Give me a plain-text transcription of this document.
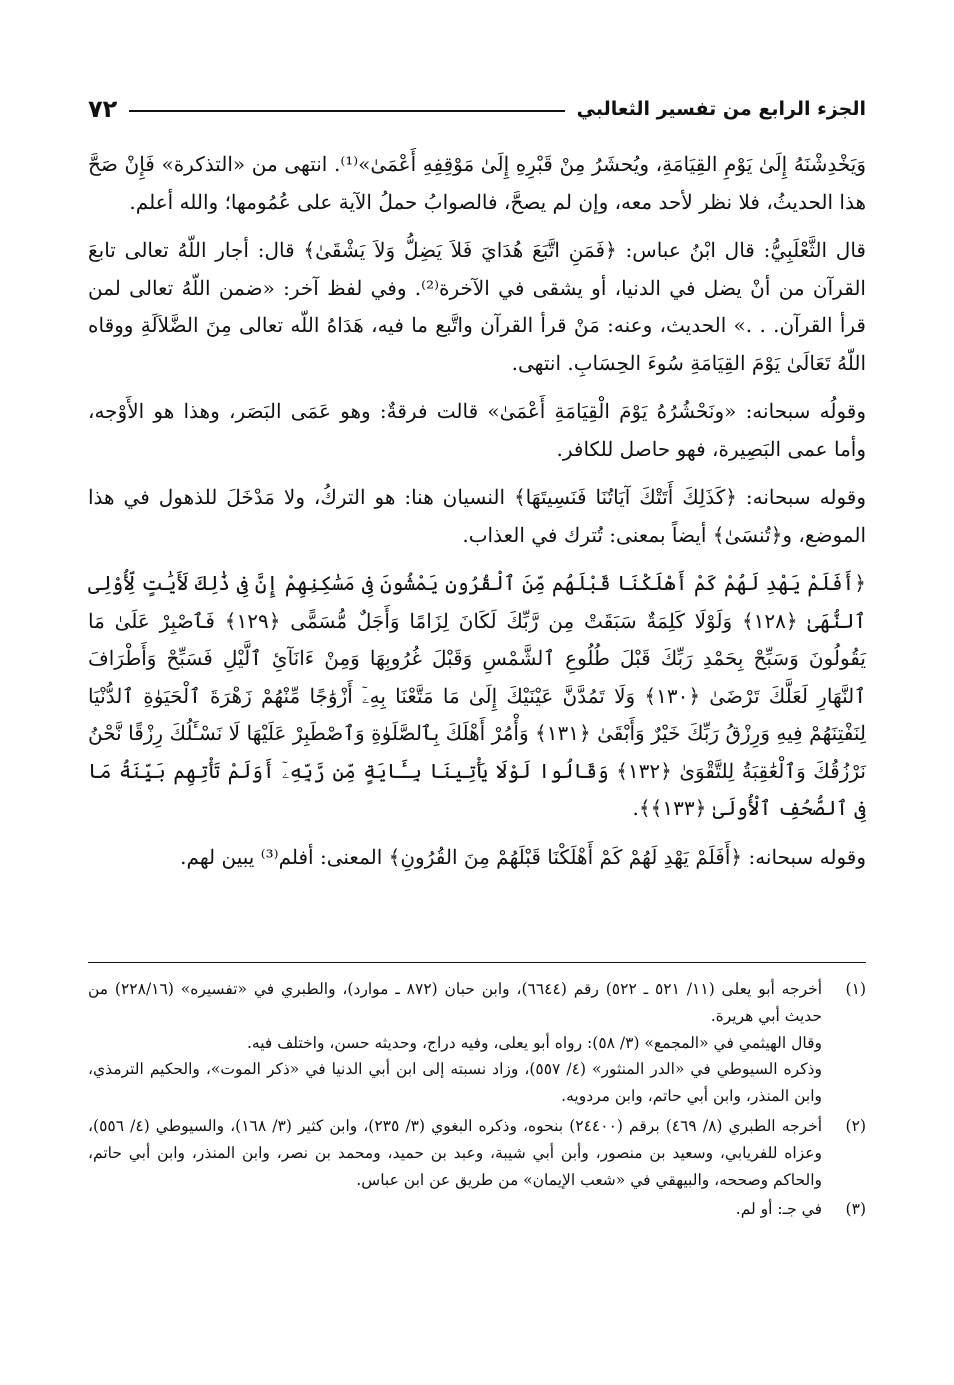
الجزء الرابع من تفسير الثعالبي
٧٢

وَيَخْدِشْنَهُ إِلَىٰ يَوْمِ القِيَامَةِ، ويُحشَرُ مِنْ قَبْرِهِ إِلَىٰ مَوْقِفِهِ أَعْمَىٰ»⁽¹⁾. انتهى من «التذكرة» فَإِنْ صَحَّ هذا الحديثُ، فلا نظر لأحد معه، وإن لم يصحَّ، فالصوابُ حملُ الآية على عُمُومها؛ والله أعلم.

قال الثَّعْلَبِيُّ: قال ابْنُ عباس: ﴿فَمَنِ اتَّبَعَ هُدَايَ فَلاَ يَضِلُّ وَلاَ يَشْقَىٰ﴾ قال: أجار اللّهُ تعالى تابعَ القرآن من أنْ يضل في الدنيا، أو يشقى في الآخرة⁽²⁾. وفي لفظ آخر: «ضمن اللّهُ تعالى لمن قرأ القرآن. . .» الحديث، وعنه: مَنْ قرأ القرآن واتَّبع ما فيه، هَدَاهُ اللّه تعالى مِنَ الضَّلاَلَةِ ووقاه اللّهُ تَعَالَىٰ يَوْمَ القِيَامَةِ سُوءَ الحِسَابِ. انتهى.

وقولُه سبحانه: «ونَحْشُرُهُ يَوْمَ الْقِيَامَةِ أَعْمَىٰ» قالت فرقةٌ: وهو عَمَى البَصَر، وهذا هو الأَوْجه، وأما عمى البَصِيرة، فهو حاصل للكافر.

وقوله سبحانه: ﴿كَذَلِكَ أَتَتْكَ آيَاتُنَا فَنَسِيتَهَا﴾ النسيان هنا: هو التركُ، ولا مَدْخَلَ للذهول في هذا الموضع، و﴿تُنسَىٰ﴾ أيضاً بمعنى: تُترك في العذاب.

﴿أَفَلَمْ يَهْدِ لَهُمْ كَمْ أَهْلَكْنَا قَبْلَهُم مِّنَ ٱلْقُرُونِ يَمْشُونَ فِى مَسَٰكِنِهِمْ إِنَّ فِى ذَٰلِكَ لَأَيَٰتٍ لِّأُوْلِى ٱلنُّهَىٰ ﴿١٢٨﴾ وَلَوْلَا كَلِمَةٌ سَبَقَتْ مِن رَّبِّكَ لَكَانَ لِزَامًا وَأَجَلٌ مُّسَمًّى ﴿١٢٩﴾ فَٱصْبِرْ عَلَىٰ مَا يَقُولُونَ وَسَبِّحْ بِحَمْدِ رَبِّكَ قَبْلَ طُلُوعِ ٱلشَّمْسِ وَقَبْلَ غُرُوبِهَا وَمِنْ ءَانَآئِ ٱلَّيْلِ فَسَبِّحْ وَأَطْرَافَ ٱلنَّهَارِ لَعَلَّكَ تَرْضَىٰ ﴿١٣٠﴾ وَلَا تَمُدَّنَّ عَيْنَيْكَ إِلَىٰ مَا مَتَّعْنَا بِهِۦٓ أَزْوَٰجًا مِّنْهُمْ زَهْرَةَ ٱلْحَيَوٰةِ ٱلدُّنْيَا لِنَفْتِنَهُمْ فِيهِ وَرِزْقُ رَبِّكَ خَيْرٌ وَأَبْقَىٰ ﴿١٣١﴾ وَأْمُرْ أَهْلَكَ بِٱلصَّلَوٰةِ وَٱصْطَبِرْ عَلَيْهَا لَا نَسْـَٔلُكَ رِزْقًا نَّحْنُ نَرْزُقُكَ وَٱلْعَٰقِبَةُ لِلتَّقْوَىٰ ﴿١٣٢﴾ وَقَالُوا لَوْلَا يَأْتِينَا بِـَٔايَةٍ مِّن رَّبِّهِۦٓ أَوَلَمْ تَأْتِهِم بَيِّنَةُ مَا فِى ٱلصُّحُفِ ٱلْأُولَىٰ ﴿١٣٣﴾﴾.

وقوله سبحانه: ﴿أَفَلَمْ يَهْدِ لَهُمْ كَمْ أَهْلَكْنَا قَبْلَهُمْ مِنَ القُرُونِ﴾ المعنى: أفلم⁽³⁾ يبين لهم.

(١)

أخرجه أبو يعلى (١١/ ٥٢١ ـ ٥٢٢) رقم (٦٦٤٤)، وابن حبان (٨٧٢ ـ موارد)، والطبري في «تفسيره» (٢٢٨/١٦) من حديث أبي هريرة.

وقال الهيثمي في «المجمع» (٣/ ٥٨): رواه أبو يعلى، وفيه دراج، وحديثه حسن، واختلف فيه.

وذكره السيوطي في «الدر المنثور» (٤/ ٥٥٧)، وزاد نسبته إلى ابن أبي الدنيا في «ذكر الموت»، والحكيم الترمذي، وابن المنذر، وابن أبي حاتم، وابن مردويه.

(٢)

أخرجه الطبري (٨/ ٤٦٩) برقم (٢٤٤٠٠) بنحوه، وذكره البغوي (٣/ ٢٣٥)، وابن كثير (٣/ ١٦٨)، والسيوطي (٤/ ٥٥٦)، وعزاه للفريابي، وسعيد بن منصور، وأبن أبي شيبة، وعبد بن حميد، ومحمد بن نصر، وابن المنذر، وابن أبي حاتم، والحاكم وصححه، والبيهقي في «شعب الإيمان» من طريق عن ابن عباس.

(٣)

في جـ: أو لم.
